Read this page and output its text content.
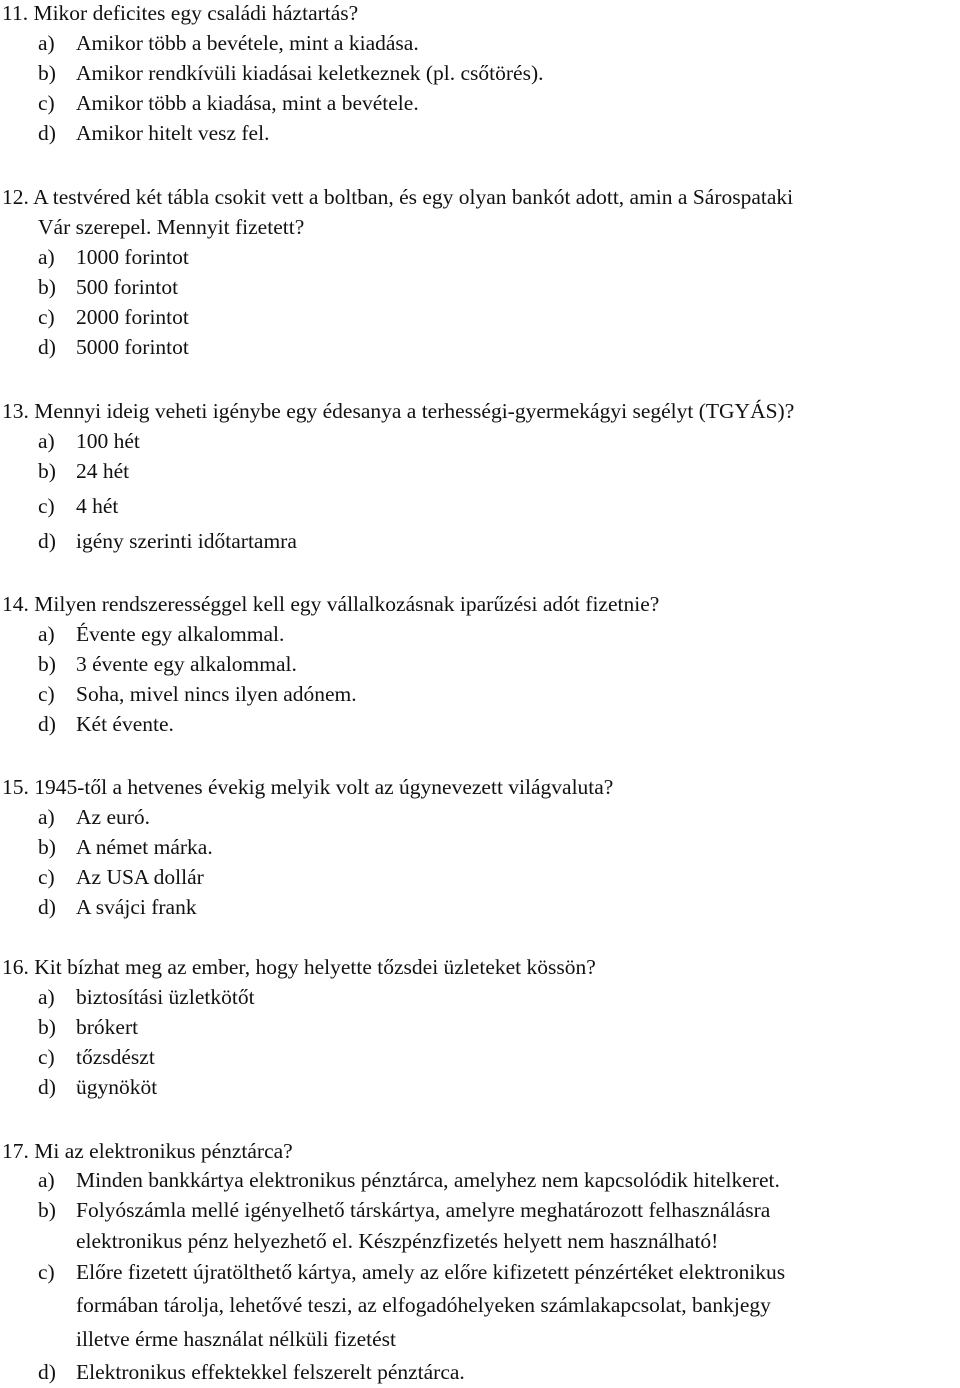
11. Mikor deficites egy családi háztartás?
a) Amikor több a bevétele, mint a kiadása.
b) Amikor rendkívüli kiadásai keletkeznek (pl. csőtörés).
c) Amikor több a kiadása, mint a bevétele.
d) Amikor hitelt vesz fel.
12. A testvéred két tábla csokit vett a boltban, és egy olyan bankót adott, amin a Sárospataki
Vár szerepel. Mennyit fizetett?
a) 1000 forintot
b) 500 forintot
c) 2000 forintot
d) 5000 forintot
13. Mennyi ideig veheti igénybe egy édesanya a terhességi-gyermekágyi segélyt (TGYÁS)?
a) 100 hét
b) 24 hét
c) 4 hét
d) igény szerinti időtartamra
14. Milyen rendszerességgel kell egy vállalkozásnak iparűzési adót fizetnie?
a) Évente egy alkalommal.
b) 3 évente egy alkalommal.
c) Soha, mivel nincs ilyen adónem.
d) Két évente.
15. 1945-től a hetvenes évekig melyik volt az úgynevezett világvaluta?
a) Az euró.
b) A német márka.
c) Az USA dollár
d) A svájci frank
16. Kit bízhat meg az ember, hogy helyette tőzsdei üzleteket kössön?
a) biztosítási üzletkötőt
b) brókert
c) tőzsdészt
d) ügynököt
17. Mi az elektronikus pénztárca?
a) Minden bankkártya elektronikus pénztárca, amelyhez nem kapcsolódik hitelkeret.
b) Folyószámla mellé igényelhető társkártya, amelyre meghatározott felhasználásra
elektronikus pénz helyezhető el. Készpénzfizetés helyett nem használható!
c) Előre fizetett újratölthető kártya, amely az előre kifizetett pénzértéket elektronikus
formában tárolja, lehetővé teszi, az elfogadóhelyeken számlakapcsolat, bankjegy
illetve érme használat nélküli fizetést
d) Elektronikus effektekkel felszerelt pénztárca.
